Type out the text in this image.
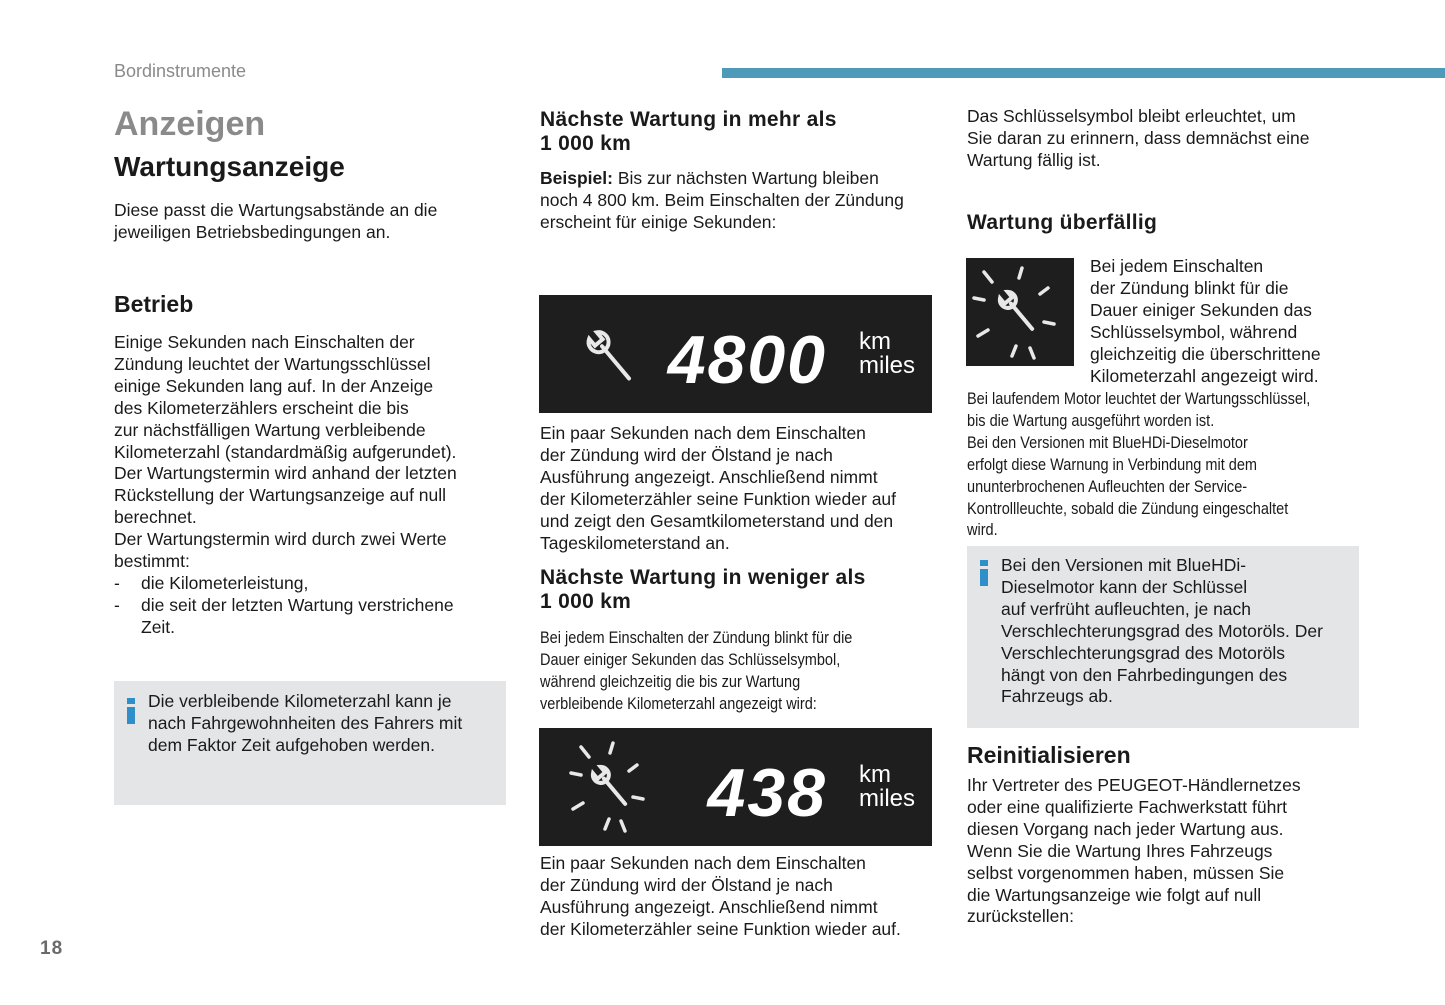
Bordinstrumente
18
Anzeigen
Wartungsanzeige
Diese passt die Wartungsabstände an die
jeweiligen Betriebsbedingungen an.
Betrieb
Einige Sekunden nach Einschalten der
Zündung leuchtet der Wartungsschlüssel
einige Sekunden lang auf. In der Anzeige
des Kilometerzählers erscheint die bis
zur nächstfälligen Wartung verbleibende
Kilometerzahl (standardmäßig aufgerundet).
Der Wartungstermin wird anhand der letzten
Rückstellung der Wartungsanzeige auf null
berechnet.
Der Wartungstermin wird durch zwei Werte
bestimmt:
-	die Kilometerleistung,
-	die seit der letzten Wartung verstrichene
Zeit.
Die verbleibende Kilometerzahl kann je
nach Fahrgewohnheiten des Fahrers mit
dem Faktor Zeit aufgehoben werden.
Nächste Wartung in mehr als
1 000 km
Beispiel: Bis zur nächsten Wartung bleiben
noch 4 800 km. Beim Einschalten der Zündung
erscheint für einige Sekunden:
4800 km
miles
Ein paar Sekunden nach dem Einschalten
der Zündung wird der Ölstand je nach
Ausführung angezeigt. Anschließend nimmt
der Kilometerzähler seine Funktion wieder auf
und zeigt den Gesamtkilometerstand und den
Tageskilometerstand an.
Nächste Wartung in weniger als
1 000 km
Bei jedem Einschalten der Zündung blinkt für die
Dauer einiger Sekunden das Schlüsselsymbol,
während gleichzeitig die bis zur Wartung
verbleibende Kilometerzahl angezeigt wird:
438 km
miles
Ein paar Sekunden nach dem Einschalten
der Zündung wird der Ölstand je nach
Ausführung angezeigt. Anschließend nimmt
der Kilometerzähler seine Funktion wieder auf.
Das Schlüsselsymbol bleibt erleuchtet, um
Sie daran zu erinnern, dass demnächst eine
Wartung fällig ist.
Wartung überfällig
Bei jedem Einschalten
der Zündung blinkt für die
Dauer einiger Sekunden das
Schlüsselsymbol, während
gleichzeitig die überschrittene
Kilometerzahl angezeigt wird.
Bei laufendem Motor leuchtet der Wartungsschlüssel,
bis die Wartung ausgeführt worden ist.
Bei den Versionen mit BlueHDi-Dieselmotor
erfolgt diese Warnung in Verbindung mit dem
ununterbrochenen Aufleuchten der Service-
Kontrollleuchte, sobald die Zündung eingeschaltet
wird.
Bei den Versionen mit BlueHDi-
Dieselmotor kann der Schlüssel
auf verfrüht aufleuchten, je nach
Verschlechterungsgrad des Motoröls. Der
Verschlechterungsgrad des Motoröls
hängt von den Fahrbedingungen des
Fahrzeugs ab.
Reinitialisieren
Ihr Vertreter des PEUGEOT-Händlernetzes
oder eine qualifizierte Fachwerkstatt führt
diesen Vorgang nach jeder Wartung aus.
Wenn Sie die Wartung Ihres Fahrzeugs
selbst vorgenommen haben, müssen Sie
die Wartungsanzeige wie folgt auf null
zurückstellen:
